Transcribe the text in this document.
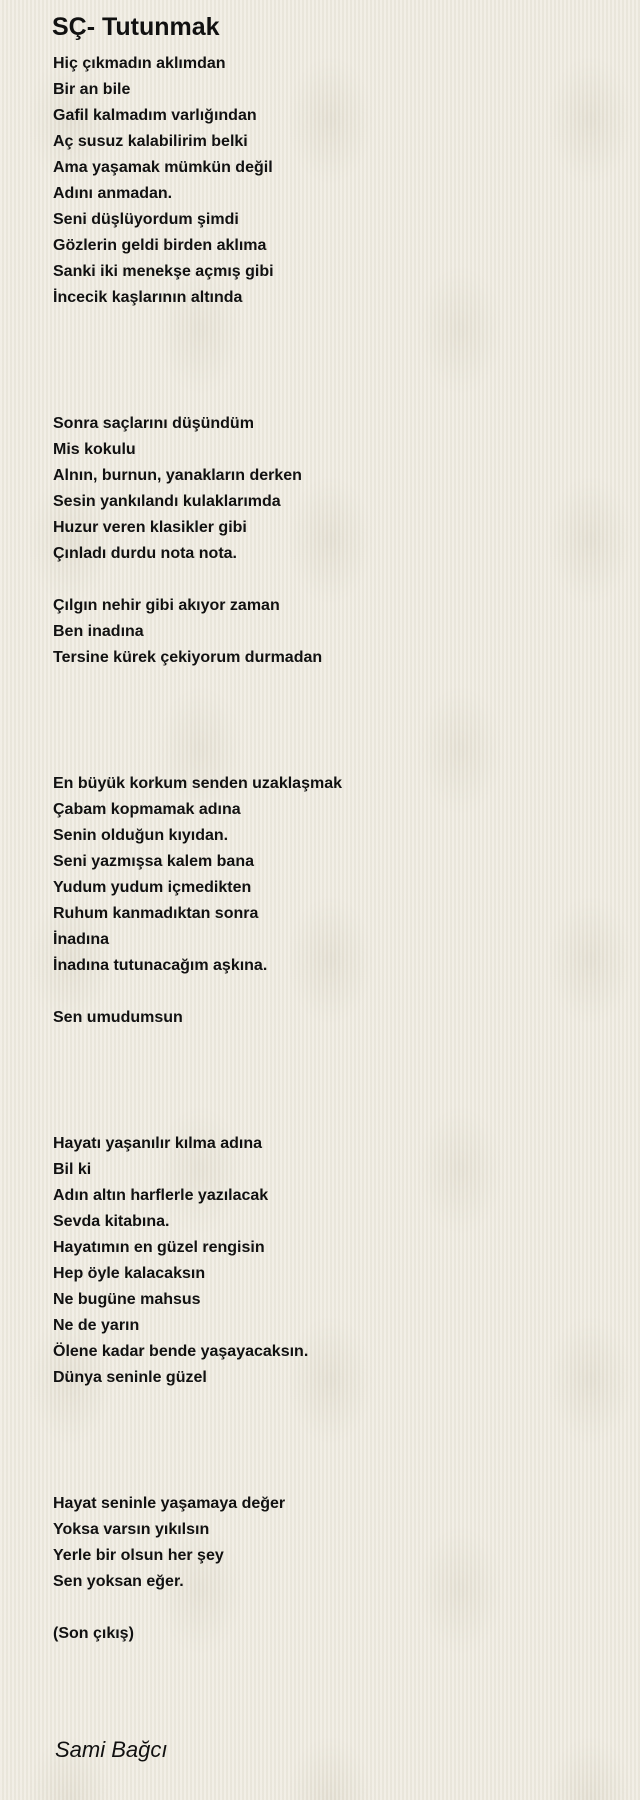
SÇ- Tutunmak
Hiç çıkmadın aklımdan
Bir an bile
Gafil kalmadım varlığından
Aç susuz kalabilirim belki
Ama yaşamak mümkün değil
Adını anmadan.
Seni düşlüyordum şimdi
Gözlerin geldi birden aklıma
Sanki iki menekşe açmış gibi
İncecik kaşlarının altında
Sonra saçlarını düşündüm
Mis kokulu
Alnın, burnun, yanakların derken
Sesin yankılandı kulaklarımda
Huzur veren klasikler gibi
Çınladı durdu nota nota.
Çılgın nehir gibi akıyor zaman
Ben inadına
Tersine kürek çekiyorum durmadan
En büyük korkum senden uzaklaşmak
Çabam kopmamak adına
Senin olduğun kıyıdan.
Seni yazmışsa kalem bana
Yudum yudum içmedikten
Ruhum kanmadıktan sonra
İnadına
İnadına tutunacağım aşkına.
Sen umudumsun
Hayatı yaşanılır kılma adına
Bil ki
Adın altın harflerle yazılacak
Sevda kitabına.
Hayatımın en güzel rengisin
Hep öyle kalacaksın
Ne bugüne mahsus
Ne de yarın
Ölene kadar bende yaşayacaksın.
Dünya seninle güzel
Hayat seninle yaşamaya değer
Yoksa varsın yıkılsın
Yerle bir olsun her şey
Sen yoksan eğer.
(Son çıkış)
Sami Bağcı
